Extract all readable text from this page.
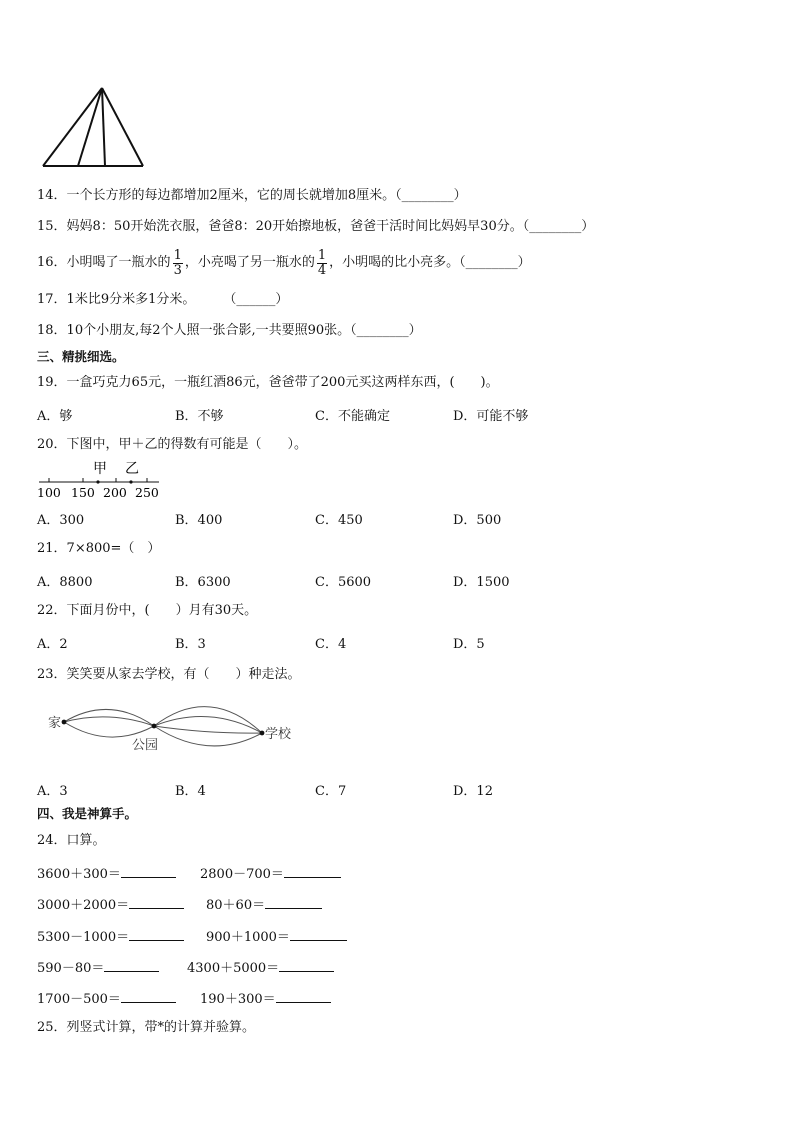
14．一个长方形的每边都增加2厘米，它的周长就增加8厘米。（________）
15．妈妈8：50开始洗衣服，爸爸8：20开始擦地板，爸爸干活时间比妈妈早30分。（________）
16． 小明喝了一瓶水的 $\frac{1}{3}$ ，小亮喝了另一瓶水的 $\frac{1}{4}$ ，小明喝的比小亮多。（________）
17．1米比9分米多1分米。 （______）
18．10个小朋友,每2个人照一张合影,一共要照90张。（________）
三、精挑细选。
19．一盒巧克力65元，一瓶红酒86元，爸爸带了200元买这两样东西，(　　)。
A．够	B．不够	C．不能确定	D．可能不够
20．下图中，甲＋乙的得数有可能是（　　）。
甲 乙
100 150 200 250
A．300	B．400	C．450	D．500
21．7×800=（　）
A．8800	B．6300	C．5600	D．1500
22．下面月份中，(　　）月有30天。
A．2	B．3	C．4	D．5
23．笑笑要从家去学校，有（　　）种走法。
家
公园
学校
A．3	B．4	C．7	D．12
四、我是神算手。
24．口算。
3600＋300＝	2800－700＝
3000＋2000＝	80＋60＝
5300－1000＝	900＋1000＝
590－80＝	4300＋5000＝
1700－500＝	190＋300＝
25．列竖式计算，带*的计算并验算。
